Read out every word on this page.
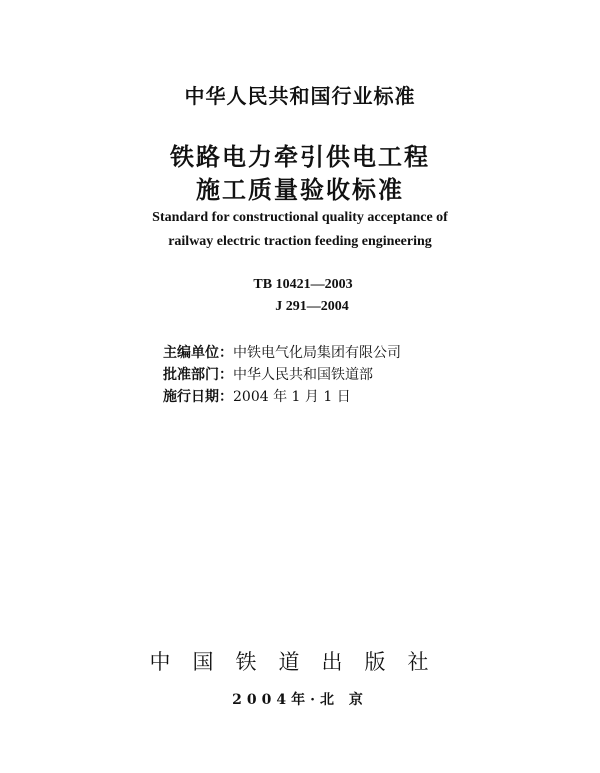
中华人民共和国行业标准
铁路电力牵引供电工程
施工质量验收标准
Standard for constructional quality acceptance of
railway electric traction feeding engineering
TB 10421—2003
J 291—2004
主编单位：中铁电气化局集团有限公司
批准部门：中华人民共和国铁道部
施行日期：2004 年 1 月 1 日
中国铁道出版社
2004年·北 京
